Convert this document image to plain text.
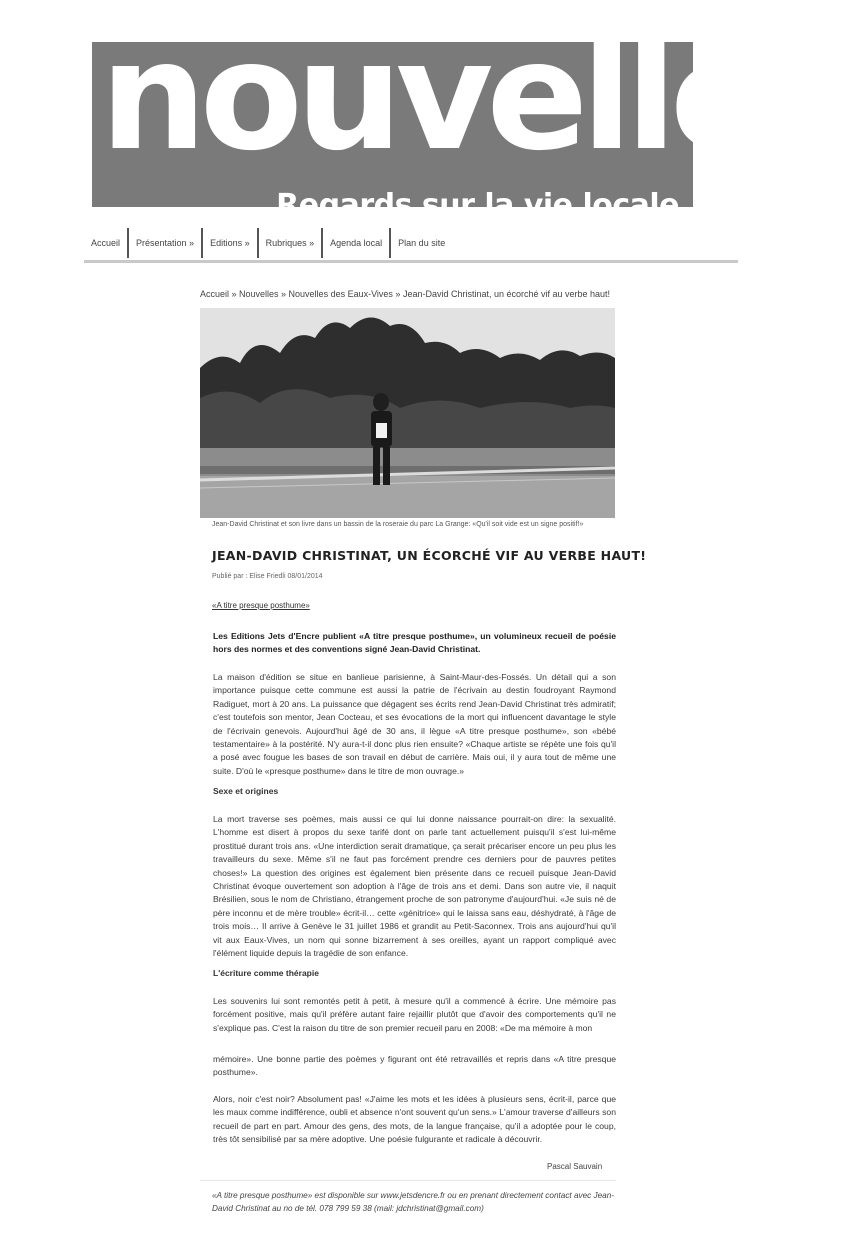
nouvelles
Regards sur la vie locale
Accueil	Présentation »	Editions »	Rubriques »	Agenda local	Plan du site
Accueil » Nouvelles » Nouvelles des Eaux-Vives » Jean-David Christinat, un écorché vif au verbe haut!
Jean-David Christinat et son livre dans un bassin de la roseraie du parc La Grange: «Qu'il soit vide est un signe positif!»
JEAN-DAVID CHRISTINAT, UN ÉCORCHÉ VIF AU VERBE HAUT!
Publié par : Elise Friedli 08/01/2014
«A titre presque posthume»
Les Editions Jets d'Encre publient «A titre presque posthume», un volumineux recueil de poésie hors des normes et des conventions signé Jean-David Christinat.
La maison d'édition se situe en banlieue parisienne, à Saint-Maur-des-Fossés. Un détail qui a son importance puisque cette commune est aussi la patrie de l'écrivain au destin foudroyant Raymond Radiguet, mort à 20 ans. La puissance que dégagent ses écrits rend Jean-David Christinat très admiratif; c'est toutefois son mentor, Jean Cocteau, et ses évocations de la mort qui influencent davantage le style de l'écrivain genevois. Aujourd'hui âgé de 30 ans, il lègue «A titre presque posthume», son «bébé testamentaire» à la postérité. N'y aura-t-il donc plus rien ensuite? «Chaque artiste se répète une fois qu'il a posé avec fougue les bases de son travail en début de carrière. Mais oui, il y aura tout de même une suite. D'où le «presque posthume» dans le titre de mon ouvrage.»
Sexe et origines
La mort traverse ses poèmes, mais aussi ce qui lui donne naissance pourrait-on dire: la sexualité. L'homme est disert à propos du sexe tarifé dont on parle tant actuellement puisqu'il s'est lui-même prostitué durant trois ans. «Une interdiction serait dramatique, ça serait précariser encore un peu plus les travailleurs du sexe. Même s'il ne faut pas forcément prendre ces derniers pour de pauvres petites choses!» La question des origines est également bien présente dans ce recueil puisque Jean-David Christinat évoque ouvertement son adoption à l'âge de trois ans et demi. Dans son autre vie, il naquit Brésilien, sous le nom de Christiano, étrangement proche de son patronyme d'aujourd'hui. «Je suis né de père inconnu et de mère trouble» écrit-il… cette «génitrice» qui le laissa sans eau, déshydraté, à l'âge de trois mois… Il arrive à Genève le 31 juillet 1986 et grandit au Petit-Saconnex. Trois ans aujourd'hui qu'il vit aux Eaux-Vives, un nom qui sonne bizarrement à ses oreilles, ayant un rapport compliqué avec l'élément liquide depuis la tragédie de son enfance.
L'écriture comme thérapie
Les souvenirs lui sont remontés petit à petit, à mesure qu'il a commencé à écrire. Une mémoire pas forcément positive, mais qu'il préfère autant faire rejaillir plutôt que d'avoir des comportements qu'il ne s'explique pas. C'est la raison du titre de son premier recueil paru en 2008: «De ma mémoire à mon
mémoire». Une bonne partie des poèmes y figurant ont été retravaillés et repris dans «A titre presque posthume».
Alors, noir c'est noir? Absolument pas! «J'aime les mots et les idées à plusieurs sens, écrit-il, parce que les maux comme indifférence, oubli et absence n'ont souvent qu'un sens.» L'amour traverse d'ailleurs son recueil de part en part. Amour des gens, des mots, de la langue française, qu'il a adoptée pour le coup, très tôt sensibilisé par sa mère adoptive. Une poésie fulgurante et radicale à découvrir.
Pascal Sauvain
«A titre presque posthume» est disponible sur www.jetsdencre.fr ou en prenant directement contact avec Jean-David Christinat au no de tél. 078 799 59 38 (mail: jdchristinat@gmail.com)
